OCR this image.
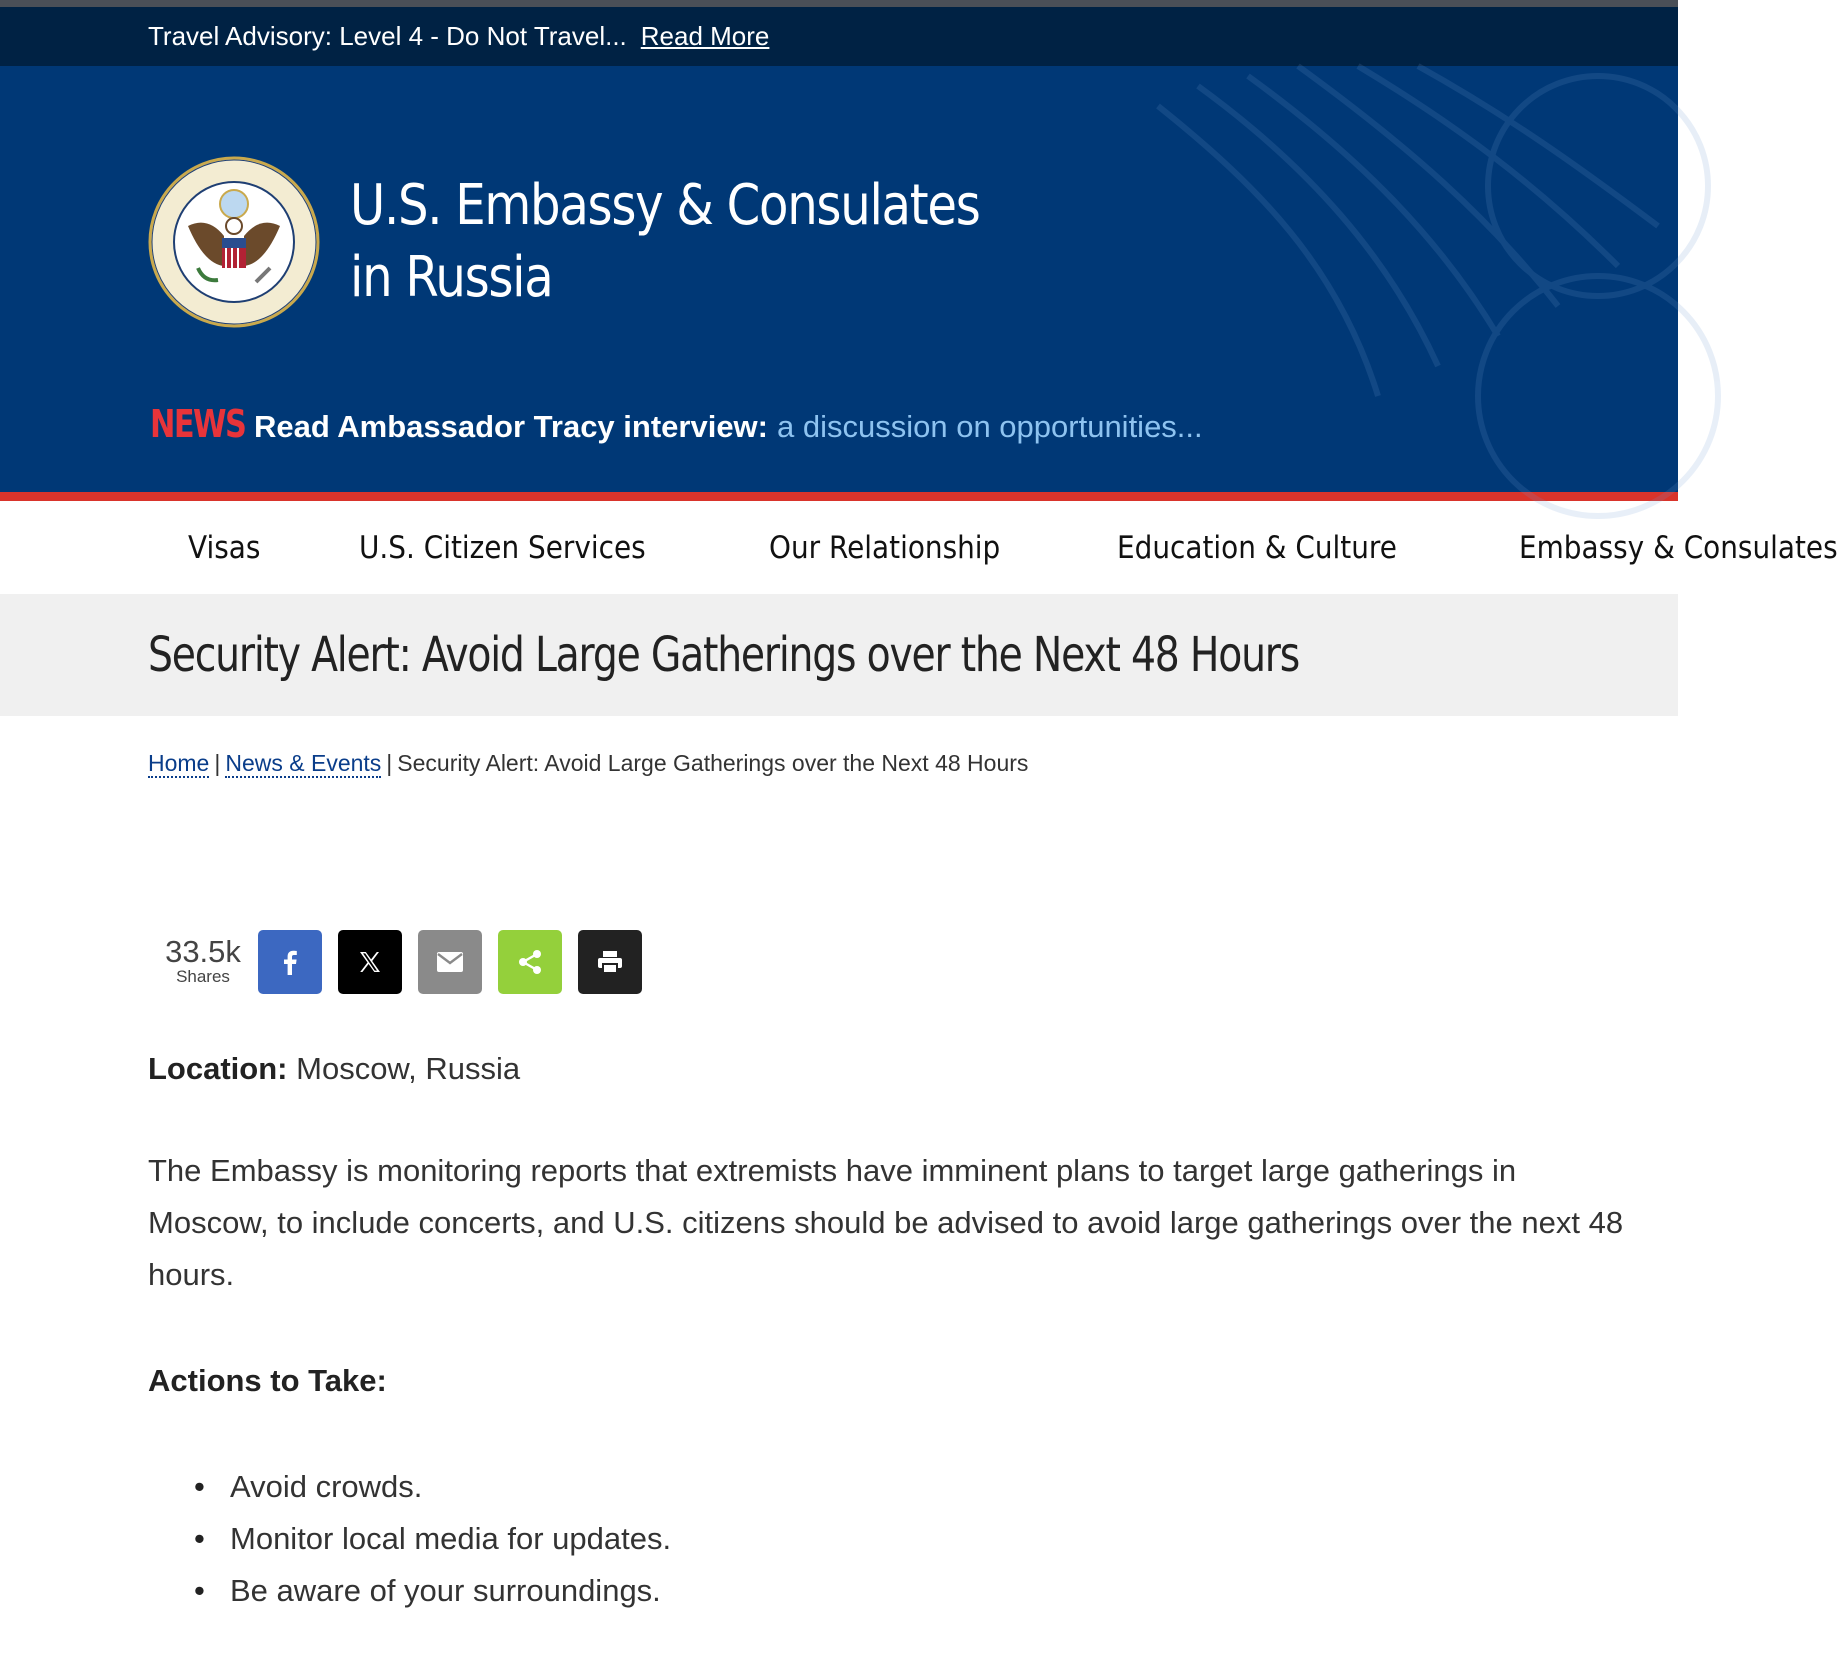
Travel Advisory: Level 4 - Do Not Travel... Read More
U.S. Embassy & Consulates
in Russia
NEWS Read Ambassador Tracy interview: a discussion on opportunities...
Visas	U.S. Citizen Services	Our Relationship	Education & Culture	Embassy & Consulates
Security Alert: Avoid Large Gatherings over the Next 48 Hours
Home | News & Events | Security Alert: Avoid Large Gatherings over the Next 48 Hours
33.5k
Shares

Location: Moscow, Russia

The Embassy is monitoring reports that extremists have imminent plans to target large gatherings in Moscow, to include concerts, and U.S. citizens should be advised to avoid large gatherings over the next 48 hours.

Actions to Take:

• Avoid crowds.
• Monitor local media for updates.
• Be aware of your surroundings.
